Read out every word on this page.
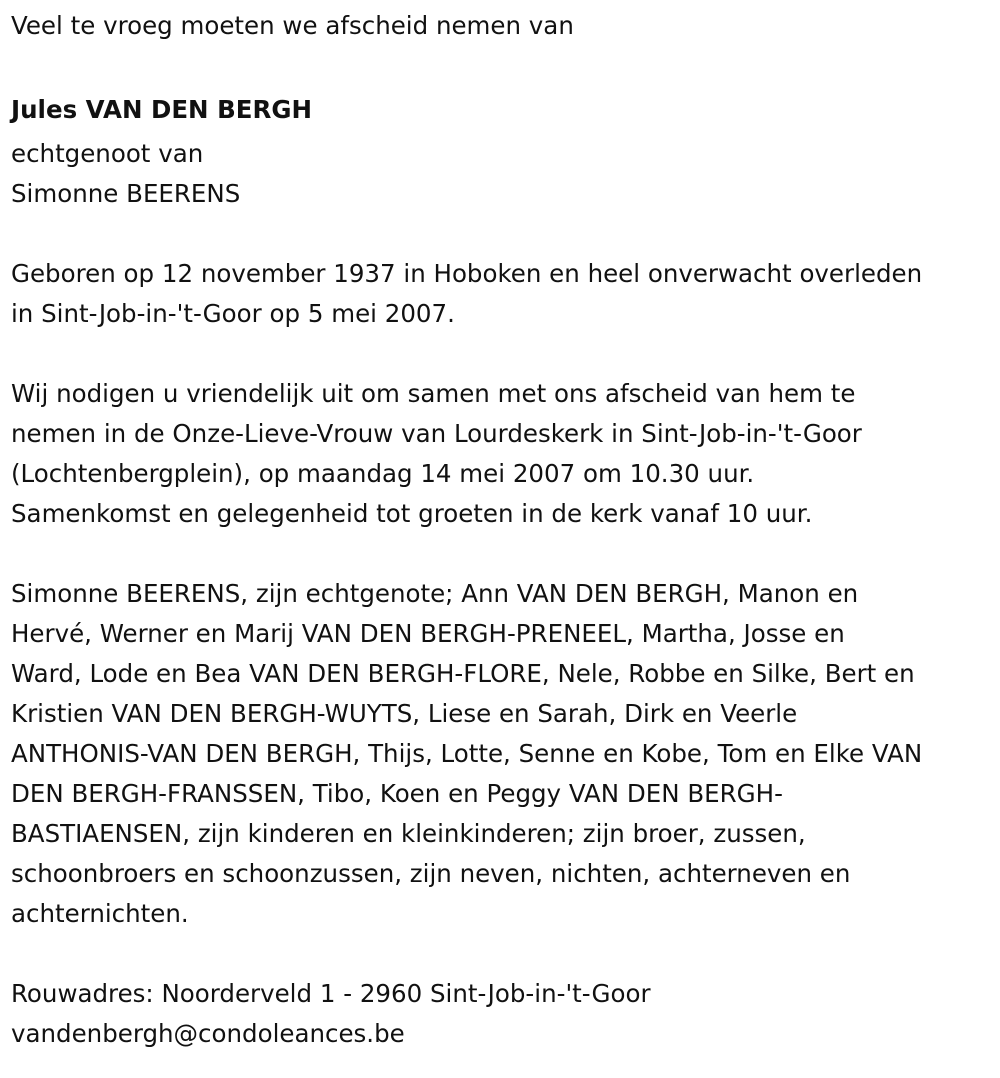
Veel te vroeg moeten we afscheid nemen van
Jules VAN DEN BERGH
echtgenoot van
Simonne BEERENS
Geboren op 12 november 1937 in Hoboken en heel onverwacht overleden
in Sint-Job-in-'t-Goor op 5 mei 2007.
Wij nodigen u vriendelijk uit om samen met ons afscheid van hem te
nemen in de Onze-Lieve-Vrouw van Lourdeskerk in Sint-Job-in-'t-Goor
(Lochtenbergplein), op maandag 14 mei 2007 om 10.30 uur.
Samenkomst en gelegenheid tot groeten in de kerk vanaf 10 uur.
Simonne BEERENS, zijn echtgenote; Ann VAN DEN BERGH, Manon en
Hervé, Werner en Marij VAN DEN BERGH-PRENEEL, Martha, Josse en
Ward, Lode en Bea VAN DEN BERGH-FLORE, Nele, Robbe en Silke, Bert en
Kristien VAN DEN BERGH-WUYTS, Liese en Sarah, Dirk en Veerle
ANTHONIS-VAN DEN BERGH, Thijs, Lotte, Senne en Kobe, Tom en Elke VAN
DEN BERGH-FRANSSEN, Tibo, Koen en Peggy VAN DEN BERGH-
BASTIAENSEN, zijn kinderen en kleinkinderen; zijn broer, zussen,
schoonbroers en schoonzussen, zijn neven, nichten, achterneven en
achternichten.
Rouwadres: Noorderveld 1 - 2960 Sint-Job-in-'t-Goor
vandenbergh@condoleances.be
